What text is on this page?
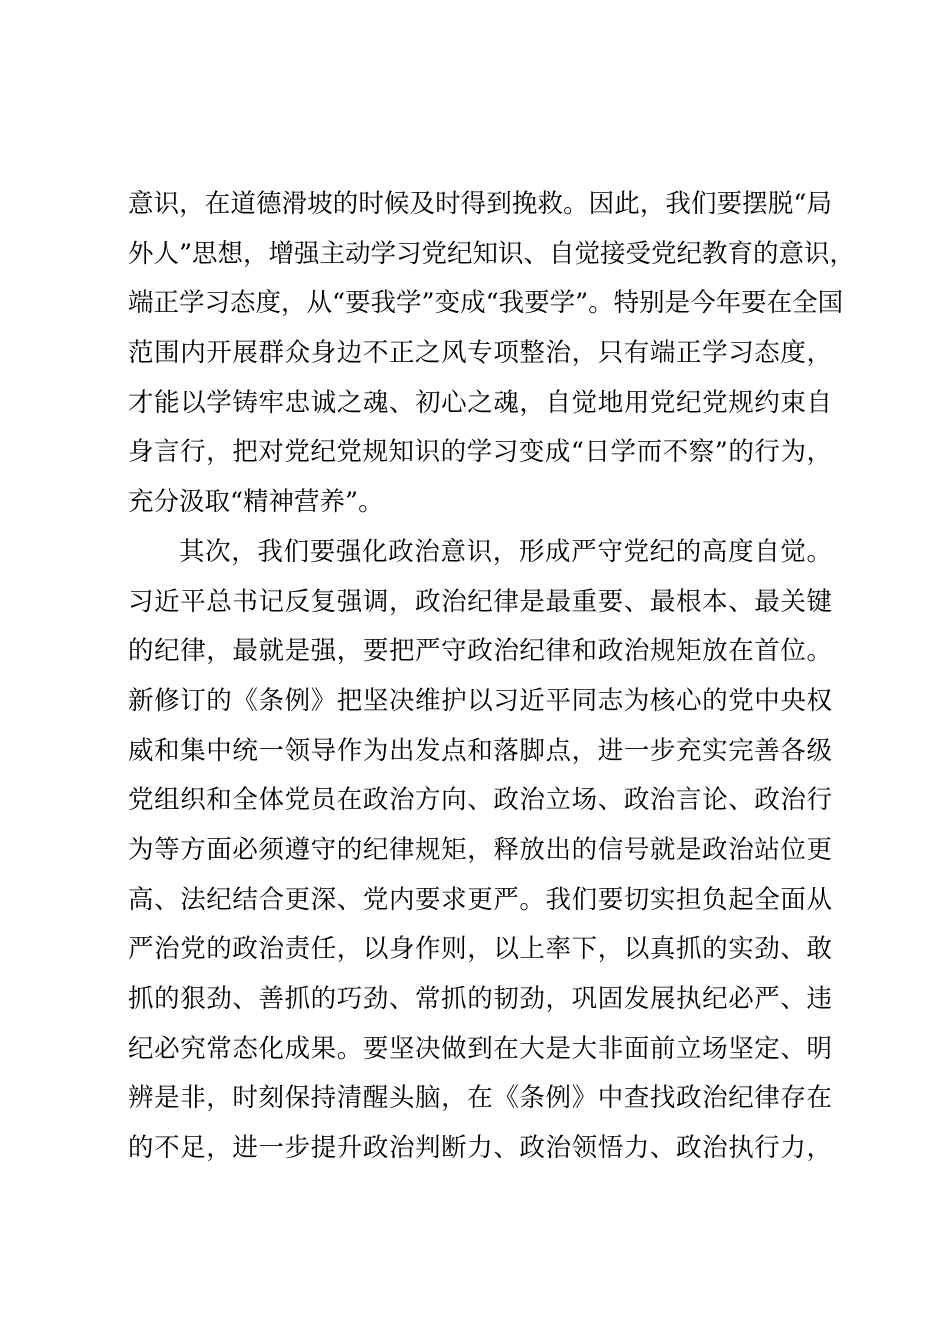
意识，在道德滑坡的时候及时得到挽救。因此，我们要摆脱“局
外人”思想，增强主动学习党纪知识、自觉接受党纪教育的意识，
端正学习态度，从“要我学”变成“我要学”。特别是今年要在全国
范围内开展群众身边不正之风专项整治，只有端正学习态度，
才能以学铸牢忠诚之魂、初心之魂，自觉地用党纪党规约束自
身言行，把对党纪党规知识的学习变成“日学而不察”的行为，
充分汲取“精神营养”。
其次，我们要强化政治意识，形成严守党纪的高度自觉。
习近平总书记反复强调，政治纪律是最重要、最根本、最关键
的纪律，最就是强，要把严守政治纪律和政治规矩放在首位。
新修订的《条例》把坚决维护以习近平同志为核心的党中央权
威和集中统一领导作为出发点和落脚点，进一步充实完善各级
党组织和全体党员在政治方向、政治立场、政治言论、政治行
为等方面必须遵守的纪律规矩，释放出的信号就是政治站位更
高、法纪结合更深、党内要求更严。我们要切实担负起全面从
严治党的政治责任，以身作则，以上率下，以真抓的实劲、敢
抓的狠劲、善抓的巧劲、常抓的韧劲，巩固发展执纪必严、违
纪必究常态化成果。要坚决做到在大是大非面前立场坚定、明
辨是非，时刻保持清醒头脑，在《条例》中查找政治纪律存在
的不足，进一步提升政治判断力、政治领悟力、政治执行力，
